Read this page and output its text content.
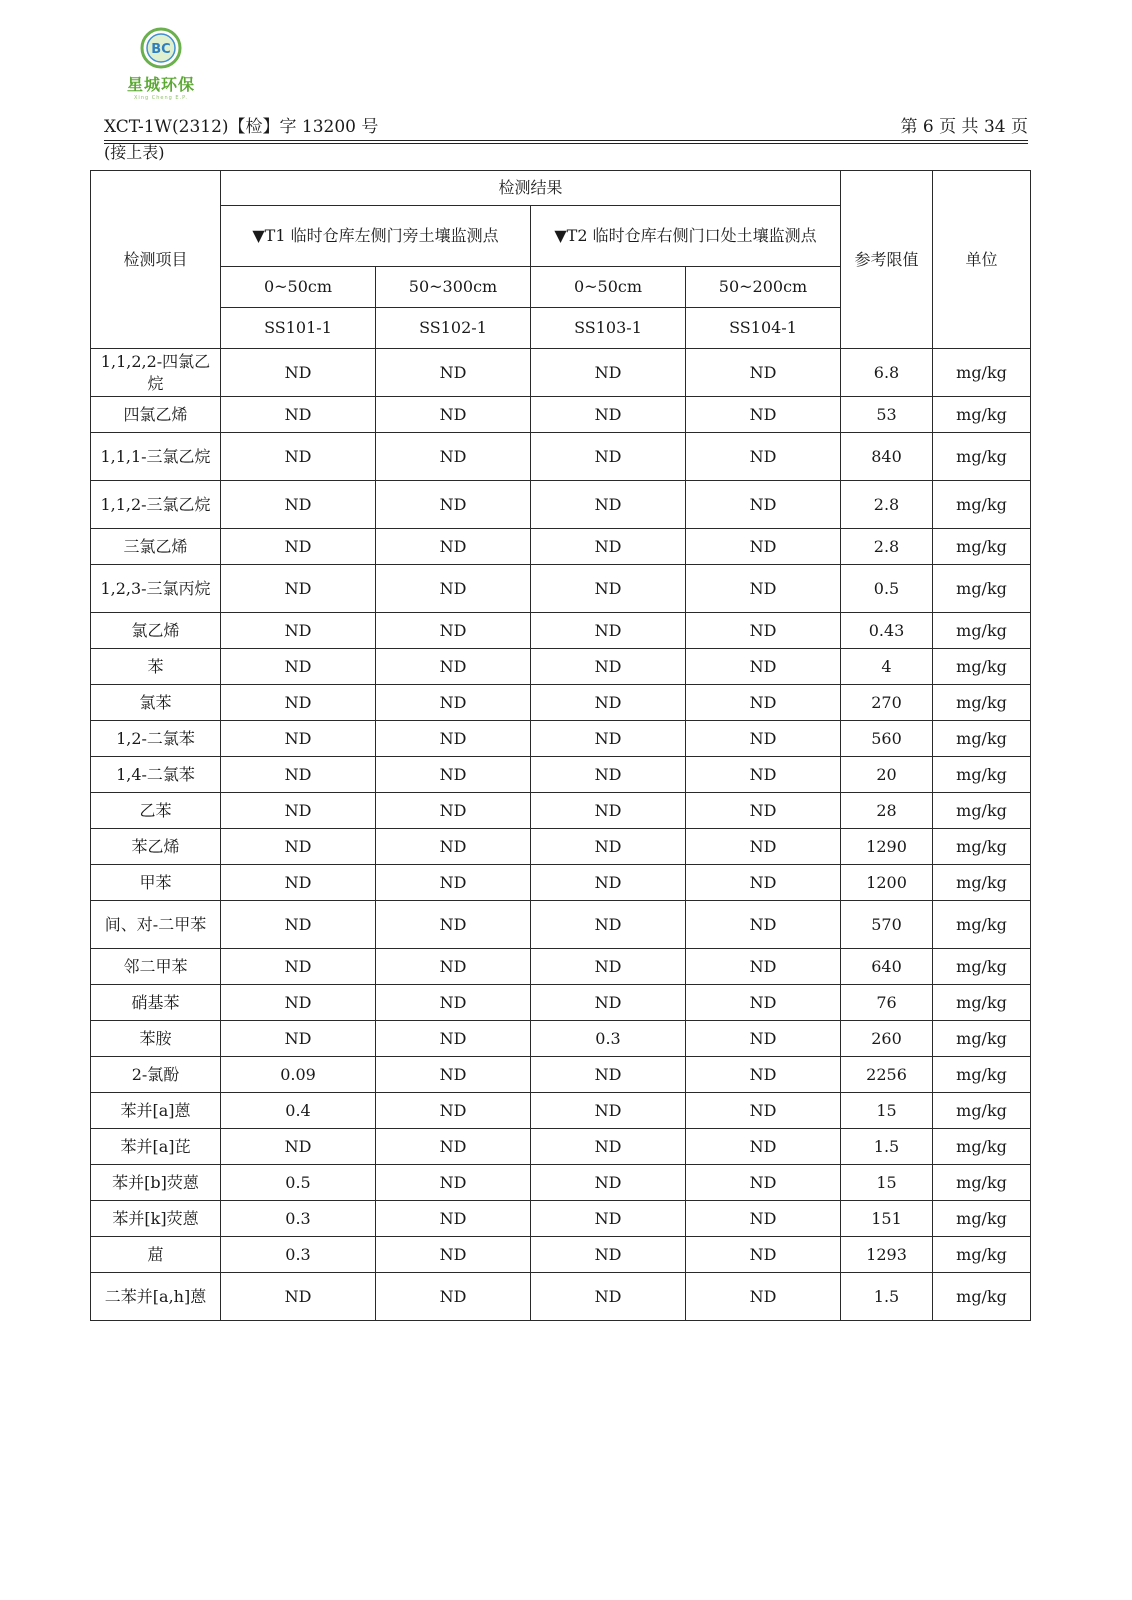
BC
星城环保
Xing Cheng E.P.
XCT-1W(2312)【检】字 13200 号	第 6 页 共 34 页
(接上表)
检测项目	检测结果				参考限值	单位
	▼T1 临时仓库左侧门旁土壤监测点		▼T2 临时仓库右侧门口处土壤监测点			
	0~50cm	50~300cm	0~50cm	50~200cm		
	SS101-1	SS102-1	SS103-1	SS104-1		
1,1,2,2-四氯乙烷	ND	ND	ND	ND	6.8	mg/kg
四氯乙烯	ND	ND	ND	ND	53	mg/kg
1,1,1-三氯乙烷	ND	ND	ND	ND	840	mg/kg
1,1,2-三氯乙烷	ND	ND	ND	ND	2.8	mg/kg
三氯乙烯	ND	ND	ND	ND	2.8	mg/kg
1,2,3-三氯丙烷	ND	ND	ND	ND	0.5	mg/kg
氯乙烯	ND	ND	ND	ND	0.43	mg/kg
苯	ND	ND	ND	ND	4	mg/kg
氯苯	ND	ND	ND	ND	270	mg/kg
1,2-二氯苯	ND	ND	ND	ND	560	mg/kg
1,4-二氯苯	ND	ND	ND	ND	20	mg/kg
乙苯	ND	ND	ND	ND	28	mg/kg
苯乙烯	ND	ND	ND	ND	1290	mg/kg
甲苯	ND	ND	ND	ND	1200	mg/kg
间、对-二甲苯	ND	ND	ND	ND	570	mg/kg
邻二甲苯	ND	ND	ND	ND	640	mg/kg
硝基苯	ND	ND	ND	ND	76	mg/kg
苯胺	ND	ND	0.3	ND	260	mg/kg
2-氯酚	0.09	ND	ND	ND	2256	mg/kg
苯并[a]蒽	0.4	ND	ND	ND	15	mg/kg
苯并[a]芘	ND	ND	ND	ND	1.5	mg/kg
苯并[b]荧蒽	0.5	ND	ND	ND	15	mg/kg
苯并[k]荧蒽	0.3	ND	ND	ND	151	mg/kg
䓛	0.3	ND	ND	ND	1293	mg/kg
二苯并[a,h]蒽	ND	ND	ND	ND	1.5	mg/kg
